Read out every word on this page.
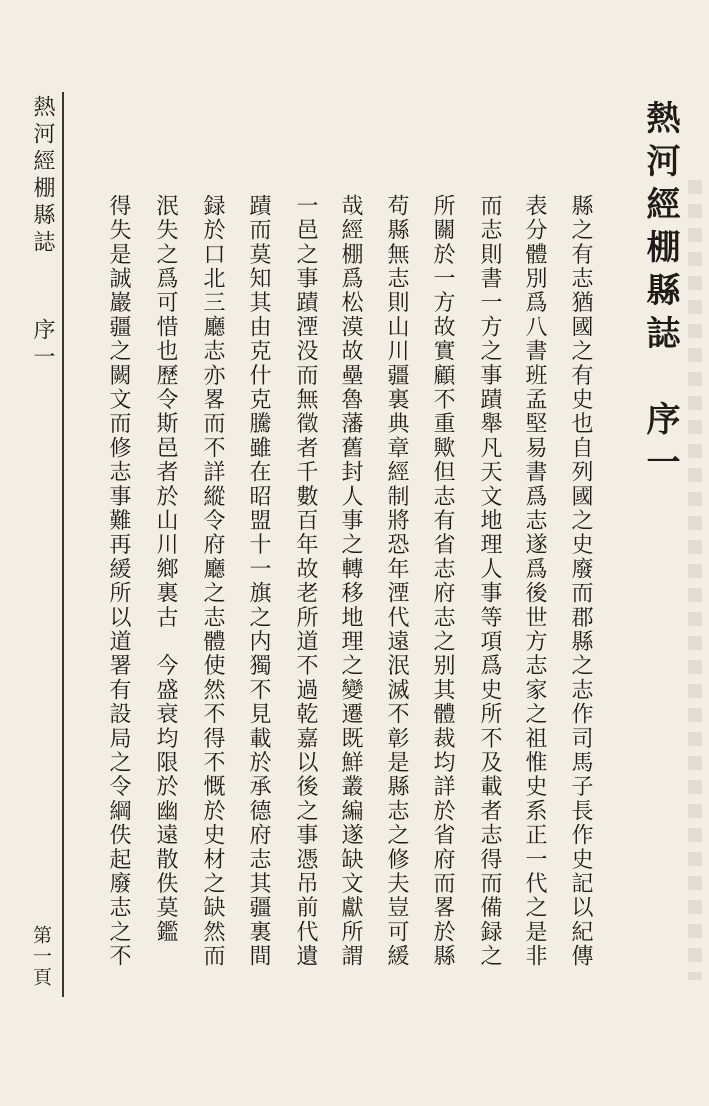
熱河經棚縣誌　序一
縣之有志猶國之有史也自列國之史廢而郡縣之志作司馬子長作史記以紀傳
表分體別爲八書班孟堅易書爲志遂爲後世方志家之祖惟史系正一代之是非
而志則書一方之事蹟舉凡天文地理人事等項爲史所不及載者志得而備録之
所關於一方故實顧不重歟但志有省志府志之别其體裁均詳於省府而畧於縣
苟縣無志則山川疆裏典章經制將恐年湮代遠泯滅不彰是縣志之修夫豈可緩
哉經棚爲松漠故壘魯藩舊封人事之轉移地理之變遷既鮮叢編遂缺文獻所謂
一邑之事蹟湮没而無徵者千數百年故老所道不過乾嘉以後之事憑吊前代遺
蹟而莫知其由克什克騰雖在昭盟十一旗之内獨不見載於承德府志其疆裏間
録於口北三廳志亦畧而不詳縱令府廳之志體使然不得不慨於史材之缺然而
泯失之爲可惜也歷令斯邑者於山川鄉裏古　今盛衰均限於幽遠散佚莫鑑
得失是誠巖疆之闕文而修志事難再緩所以道署有設局之令綱佚起廢志之不
熱河經棚縣誌
序一
第一頁
